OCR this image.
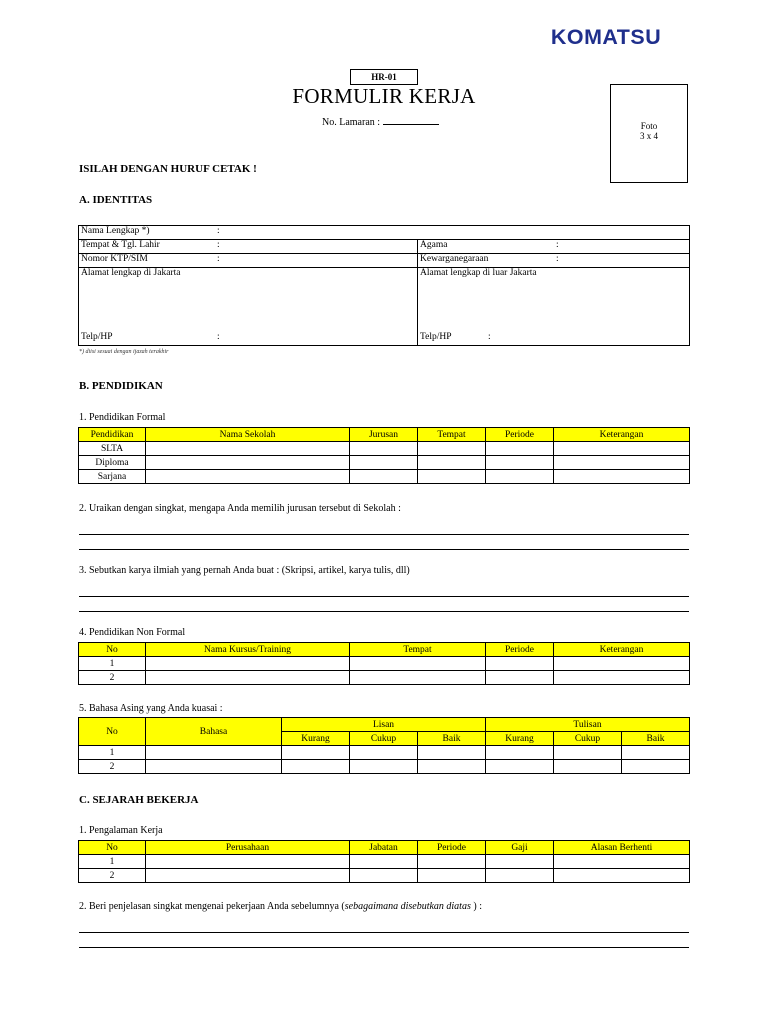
KOMATSU
HR-01
FORMULIR KERJA
No. Lamaran :	Foto
3 x 4
ISILAH DENGAN HURUF CETAK !
A. IDENTITAS
Nama Lengkap *) :	

Tempat & Tgl. Lahir :	Agama :

Nomor KTP/SIM :	Kewarganegaraan :

Alamat lengkap di Jakarta	Alamat lengkap di luar Jakarta
Telp/HP :	Telp/HP :
*) diisi sesuai dengan ijazah terakhir
B. PENDIDIKAN
1. Pendidikan Formal
Pendidikan	Nama Sekolah	Jurusan	Tempat	Periode	Keterangan
SLTA					
Diploma					
Sarjana					
2. Uraikan dengan singkat, mengapa Anda memilih jurusan tersebut di Sekolah :
3. Sebutkan karya ilmiah yang pernah Anda buat : (Skripsi, artikel, karya tulis, dll)
4. Pendidikan Non Formal
No	Nama Kursus/Training	Tempat	Periode	Keterangan
1				
2				
5. Bahasa Asing yang Anda kuasai :
No	Bahasa	Lisan			Tulisan		
		Kurang	Cukup	Baik	Kurang	Cukup	Baik
1							
2							
C. SEJARAH BEKERJA
1. Pengalaman Kerja
No	Perusahaan	Jabatan	Periode	Gaji	Alasan Berhenti
1					
2					
2. Beri penjelasan singkat mengenai pekerjaan Anda sebelumnya (sebagaimana disebutkan diatas ) :
